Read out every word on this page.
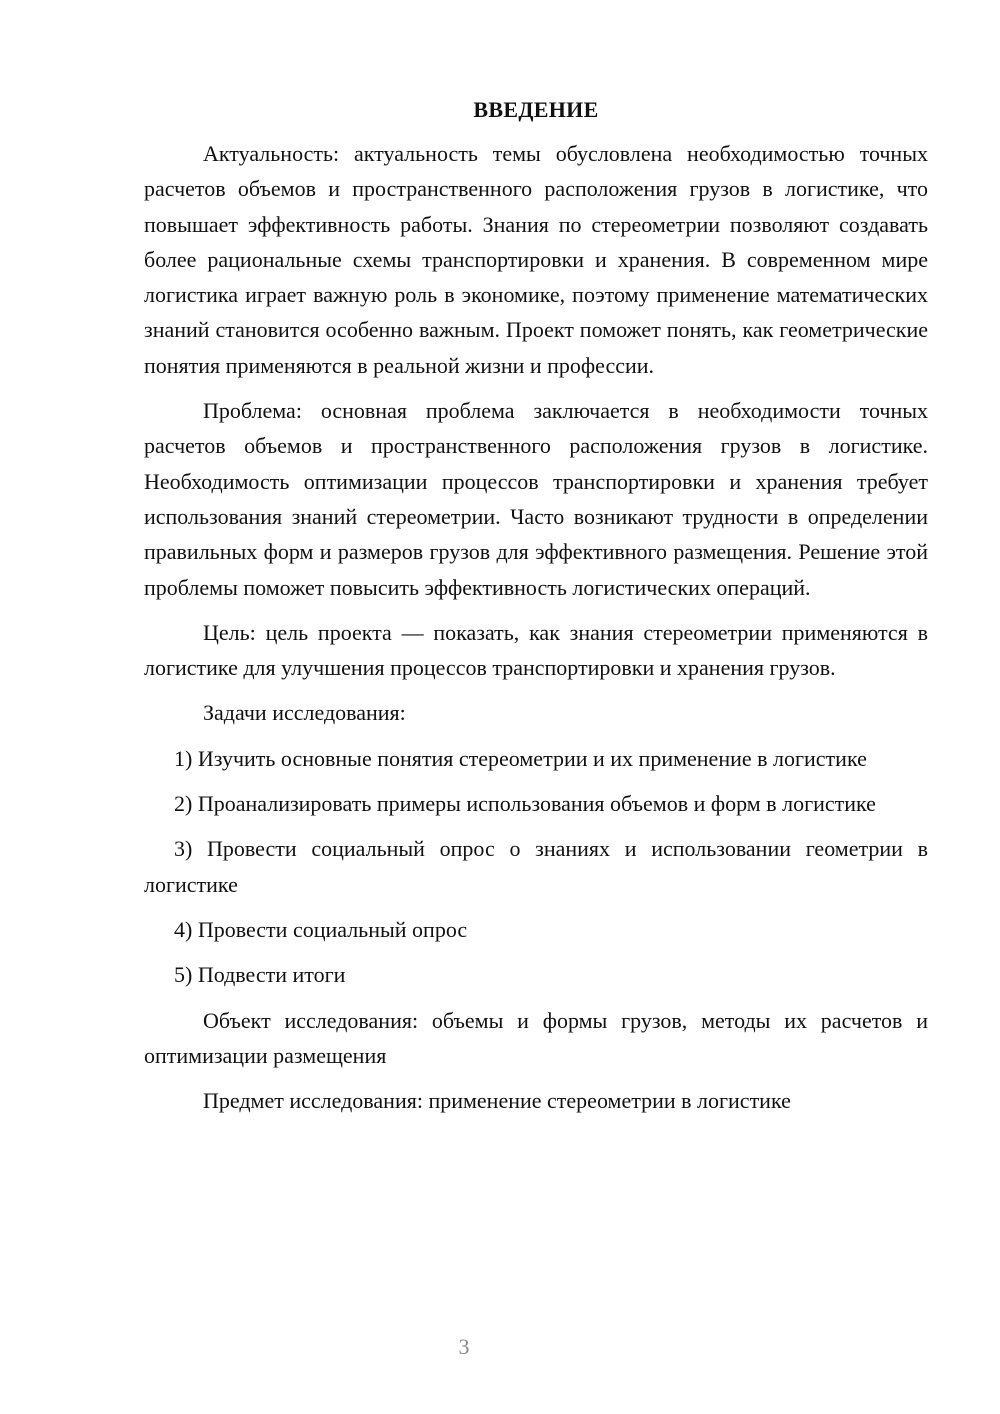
ВВЕДЕНИЕ

Актуальность: актуальность темы обусловлена необходимостью точных расчетов объемов и пространственного расположения грузов в логистике, что повышает эффективность работы. Знания по стереометрии позволяют создавать более рациональные схемы транспортировки и хранения. В современном мире логистика играет важную роль в экономике, поэтому применение математических знаний становится особенно важным. Проект поможет понять, как геометрические понятия применяются в реальной жизни и профессии.

Проблема: основная проблема заключается в необходимости точных расчетов объемов и пространственного расположения грузов в логистике. Необходимость оптимизации процессов транспортировки и хранения требует использования знаний стереометрии. Часто возникают трудности в определении правильных форм и размеров грузов для эффективного размещения. Решение этой проблемы поможет повысить эффективность логистических операций.

Цель: цель проекта — показать, как знания стереометрии применяются в логистике для улучшения процессов транспортировки и хранения грузов.

Задачи исследования:

1) Изучить основные понятия стереометрии и их применение в логистике

2) Проанализировать примеры использования объемов и форм в логистике

3) Провести социальный опрос о знаниях и использовании геометрии в логистике

4) Провести социальный опрос

5) Подвести итоги

Объект исследования: объемы и формы грузов, методы их расчетов и оптимизации размещения

Предмет исследования: применение стереометрии в логистике

3
